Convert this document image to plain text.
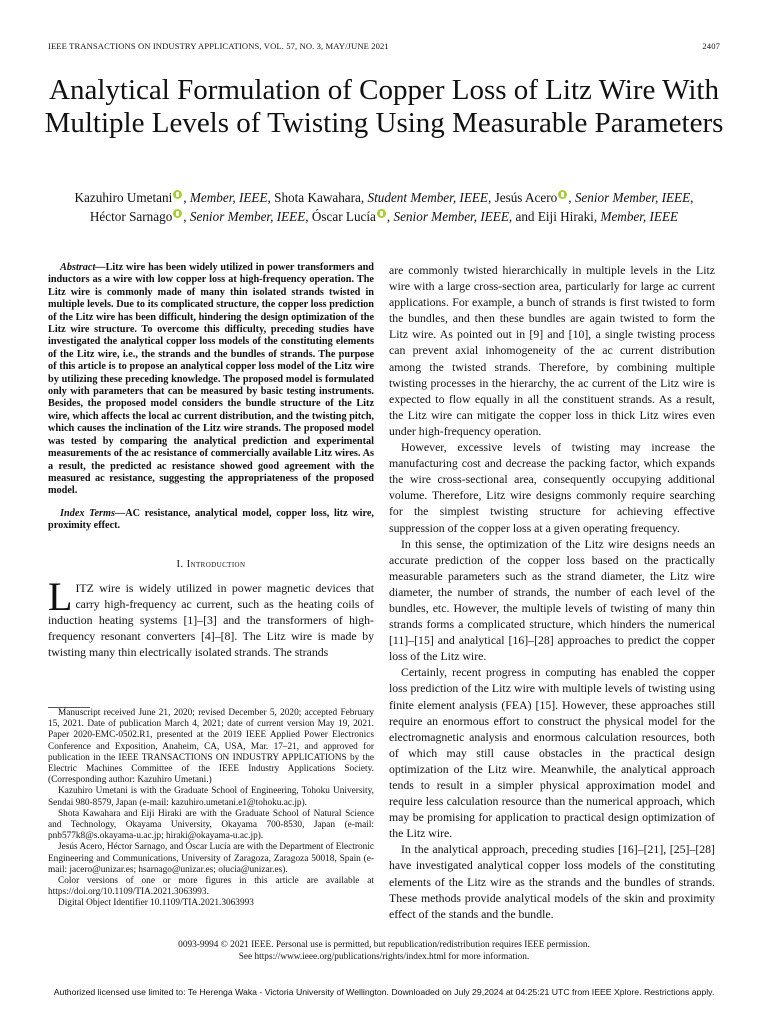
IEEE TRANSACTIONS ON INDUSTRY APPLICATIONS, VOL. 57, NO. 3, MAY/JUNE 2021	2407
Analytical Formulation of Copper Loss of Litz Wire With Multiple Levels of Twisting Using Measurable Parameters
Kazuhiro Umetani , Member, IEEE, Shota Kawahara, Student Member, IEEE, Jesús Acero , Senior Member, IEEE,
Héctor Sarnago , Senior Member, IEEE, Óscar Lucía , Senior Member, IEEE, and Eiji Hiraki, Member, IEEE

Abstract—Litz wire has been widely utilized in power transformers and inductors as a wire with low copper loss at high-frequency operation. The Litz wire is commonly made of many thin isolated strands twisted in multiple levels. Due to its complicated structure, the copper loss prediction of the Litz wire has been difficult, hindering the design optimization of the Litz wire structure. To overcome this difficulty, preceding studies have investigated the analytical copper loss models of the constituting elements of the Litz wire, i.e., the strands and the bundles of strands. The purpose of this article is to propose an analytical copper loss model of the Litz wire by utilizing these preceding knowledge. The proposed model is formulated only with parameters that can be measured by basic testing instruments. Besides, the proposed model considers the bundle structure of the Litz wire, which affects the local ac current distribution, and the twisting pitch, which causes the inclination of the Litz wire strands. The proposed model was tested by comparing the analytical prediction and experimental measurements of the ac resistance of commercially available Litz wires. As a result, the predicted ac resistance showed good agreement with the measured ac resistance, suggesting the appropriateness of the proposed model.

Index Terms—AC resistance, analytical model, copper loss, litz wire, proximity effect.

I. Introduction

LITZ wire is widely utilized in power magnetic devices that carry high-frequency ac current, such as the heating coils of induction heating systems [1]–[3] and the transformers of high-frequency resonant converters [4]–[8]. The Litz wire is made by twisting many thin electrically isolated strands. The strands

Manuscript received June 21, 2020; revised December 5, 2020; accepted February 15, 2021. Date of publication March 4, 2021; date of current version May 19, 2021. Paper 2020-EMC-0502.R1, presented at the 2019 IEEE Applied Power Electronics Conference and Exposition, Anaheim, CA, USA, Mar. 17–21, and approved for publication in the IEEE TRANSACTIONS ON INDUSTRY APPLICATIONS by the Electric Machines Committee of the IEEE Industry Applications Society. (Corresponding author: Kazuhiro Umetani.)

Kazuhiro Umetani is with the Graduate School of Engineering, Tohoku University, Sendai 980-8579, Japan (e-mail: kazuhiro.umetani.e1@tohoku.ac.jp).

Shota Kawahara and Eiji Hiraki are with the Graduate School of Natural Science and Technology, Okayama University, Okayama 700-8530, Japan (e-mail: pnb577k8@s.okayama-u.ac.jp; hiraki@okayama-u.ac.jp).

Jesús Acero, Héctor Sarnago, and Óscar Lucía are with the Department of Electronic Engineering and Communications, University of Zaragoza, Zaragoza 50018, Spain (e-mail: jacero@unizar.es; hsarnago@unizar.es; olucia@unizar.es).

Color versions of one or more figures in this article are available at https://doi.org/10.1109/TIA.2021.3063993.

Digital Object Identifier 10.1109/TIA.2021.3063993

are commonly twisted hierarchically in multiple levels in the Litz wire with a large cross-section area, particularly for large ac current applications. For example, a bunch of strands is first twisted to form the bundles, and then these bundles are again twisted to form the Litz wire. As pointed out in [9] and [10], a single twisting process can prevent axial inhomogeneity of the ac current distribution among the twisted strands. Therefore, by combining multiple twisting processes in the hierarchy, the ac current of the Litz wire is expected to flow equally in all the constituent strands. As a result, the Litz wire can mitigate the copper loss in thick Litz wires even under high-frequency operation.

However, excessive levels of twisting may increase the manufacturing cost and decrease the packing factor, which expands the wire cross-sectional area, consequently occupying additional volume. Therefore, Litz wire designs commonly require searching for the simplest twisting structure for achieving effective suppression of the copper loss at a given operating frequency.

In this sense, the optimization of the Litz wire designs needs an accurate prediction of the copper loss based on the practically measurable parameters such as the strand diameter, the Litz wire diameter, the number of strands, the number of each level of the bundles, etc. However, the multiple levels of twisting of many thin strands forms a complicated structure, which hinders the numerical [11]–[15] and analytical [16]–[28] approaches to predict the copper loss of the Litz wire.

Certainly, recent progress in computing has enabled the copper loss prediction of the Litz wire with multiple levels of twisting using finite element analysis (FEA) [15]. However, these approaches still require an enormous effort to construct the physical model for the electromagnetic analysis and enormous calculation resources, both of which may still cause obstacles in the practical design optimization of the Litz wire. Meanwhile, the analytical approach tends to result in a simpler physical approximation model and require less calculation resource than the numerical approach, which may be promising for application to practical design optimization of the Litz wire.

In the analytical approach, preceding studies [16]–[21], [25]–[28] have investigated analytical copper loss models of the constituting elements of the Litz wire as the strands and the bundles of strands. These methods provide analytical models of the skin and proximity effect of the stands and the bundle.

0093-9994 © 2021 IEEE. Personal use is permitted, but republication/redistribution requires IEEE permission.
See https://www.ieee.org/publications/rights/index.html for more information.
Authorized licensed use limited to: Te Herenga Waka - Victoria University of Wellington. Downloaded on July 29,2024 at 04:25:21 UTC from IEEE Xplore. Restrictions apply.
